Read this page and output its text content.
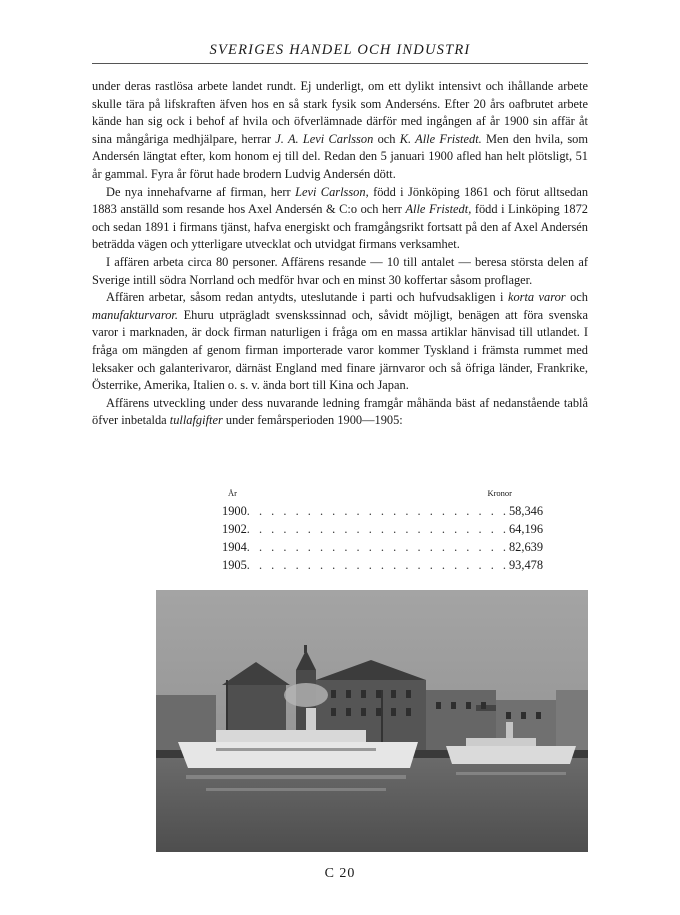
SVERIGES HANDEL OCH INDUSTRI

under deras rastlösa arbete landet rundt. Ej underligt, om ett dylikt intensivt och ihållande arbete skulle tära på lifskraften äfven hos en så stark fysik som Anderséns. Efter 20 års oafbrutet arbete kände han sig ock i behof af hvila och öfverlämnade därför med ingången af år 1900 sin affär åt sina mångåriga medhjälpare, herrar J. A. Levi Carlsson och K. Alle Fristedt. Men den hvila, som Andersén längtat efter, kom honom ej till del. Redan den 5 januari 1900 afled han helt plötsligt, 51 år gammal. Fyra år förut hade brodern Ludvig Andersén dött.

De nya innehafvarne af firman, herr Levi Carlsson, född i Jönköping 1861 och förut alltsedan 1883 anställd som resande hos Axel Andersén & C:o och herr Alle Fristedt, född i Linköping 1872 och sedan 1891 i firmans tjänst, hafva energiskt och framgångsrikt fortsatt på den af Axel Andersén beträdda vägen och ytterligare utvecklat och utvidgat firmans verksamhet.

I affären arbeta circa 80 personer. Affärens resande — 10 till antalet — beresa största delen af Sverige intill södra Norrland och medför hvar och en minst 30 koffertar såsom proflager.

Affären arbetar, såsom redan antydts, uteslutande i parti och hufvudsakligen i korta varor och manufakturvaror. Ehuru utprägladt svenskssinnad och, såvidt möjligt, benägen att föra svenska varor i marknaden, är dock firman naturligen i fråga om en massa artiklar hänvisad till utlandet. I fråga om mängden af genom firman importerade varor kommer Tyskland i främsta rummet med leksaker och galanterivaror, därnäst England med finare järnvaror och så öfriga länder, Frankrike, Österrike, Amerika, Italien o. s. v. ända bort till Kina och Japan.

Affärens utveckling under dess nuvarande ledning framgår måhända bäst af nedanstående tablå öfver inbetalda tullafgifter under femårsperioden 1900—1905:

År	Kronor
1900 . . . . . . . . . . . . . . . . . . . . . . 58,346
1902 . . . . . . . . . . . . . . . . . . . . . . 64,196
1904 . . . . . . . . . . . . . . . . . . . . . . 82,639
1905 . . . . . . . . . . . . . . . . . . . . . . 93,478
C 20
